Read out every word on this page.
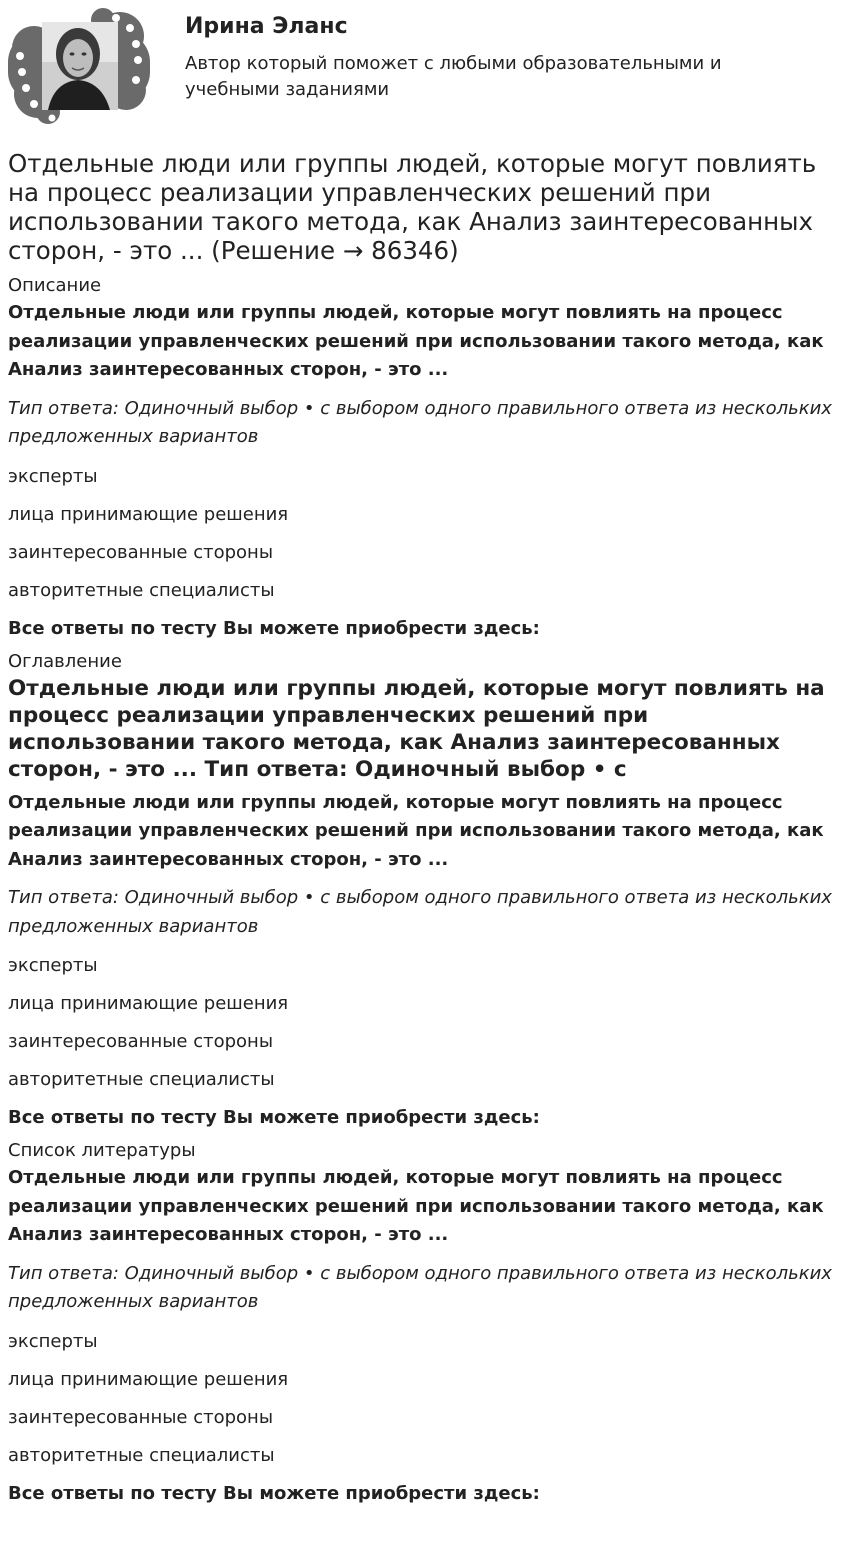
Ирина Эланс
Автор который поможет с любыми образовательными и учебными заданиями
Отдельные люди или группы людей, которые могут повлиять на процесс реализации управленческих решений при использовании такого метода, как Анализ заинтересованных сторон, - это ... (Решение → 86346)
Описание
Отдельные люди или группы людей, которые могут повлиять на процесс реализации управленческих решений при использовании такого метода, как Анализ заинтересованных сторон, - это ...
Тип ответа: Одиночный выбор • с выбором одного правильного ответа из нескольких предложенных вариантов
эксперты
лица принимающие решения
заинтересованные стороны
авторитетные специалисты
Все ответы по тесту Вы можете приобрести здесь:
Оглавление
Отдельные люди или группы людей, которые могут повлиять на процесс реализации управленческих решений при использовании такого метода, как Анализ заинтересованных сторон, - это ... Тип ответа: Одиночный выбор • с
Отдельные люди или группы людей, которые могут повлиять на процесс реализации управленческих решений при использовании такого метода, как Анализ заинтересованных сторон, - это ...
Тип ответа: Одиночный выбор • с выбором одного правильного ответа из нескольких предложенных вариантов
эксперты
лица принимающие решения
заинтересованные стороны
авторитетные специалисты
Все ответы по тесту Вы можете приобрести здесь:
Список литературы
Отдельные люди или группы людей, которые могут повлиять на процесс реализации управленческих решений при использовании такого метода, как Анализ заинтересованных сторон, - это ...
Тип ответа: Одиночный выбор • с выбором одного правильного ответа из нескольких предложенных вариантов
эксперты
лица принимающие решения
заинтересованные стороны
авторитетные специалисты
Все ответы по тесту Вы можете приобрести здесь:
